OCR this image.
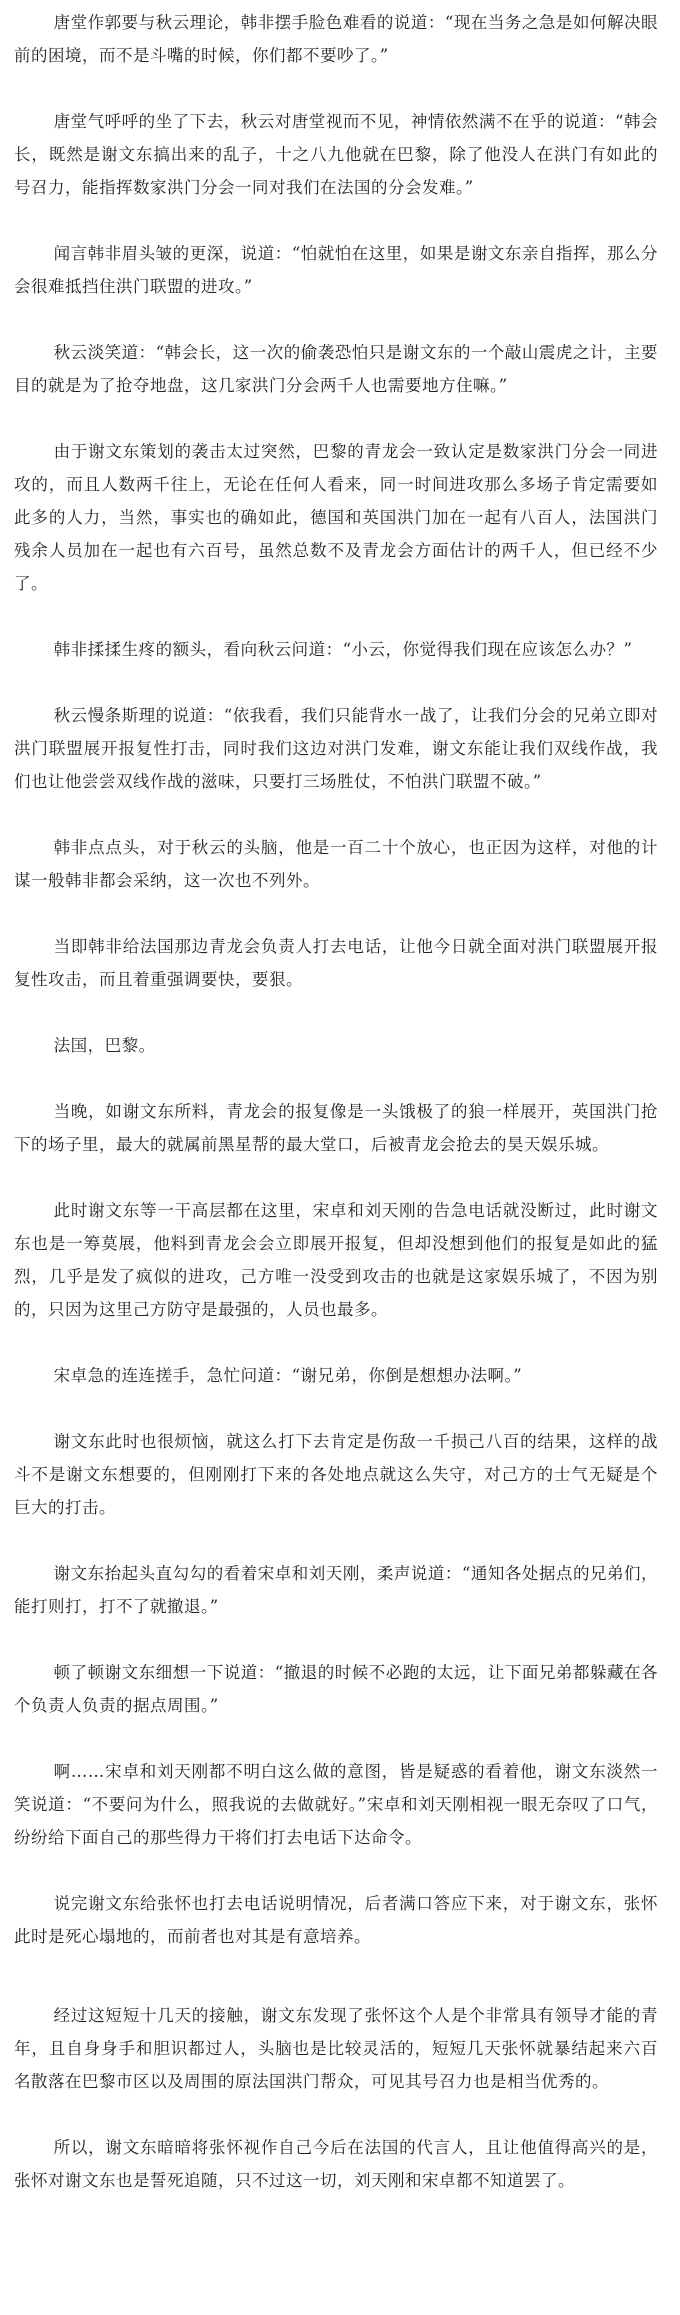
唐堂作郭要与秋云理论，韩非摆手脸色难看的说道：“现在当务之急是如何解决眼前的困境，而不是斗嘴的时候，你们都不要吵了。”

唐堂气呼呼的坐了下去，秋云对唐堂视而不见，神情依然满不在乎的说道：“韩会长，既然是谢文东搞出来的乱子，十之八九他就在巴黎，除了他没人在洪门有如此的号召力，能指挥数家洪门分会一同对我们在法国的分会发难。”

闻言韩非眉头皱的更深，说道：“怕就怕在这里，如果是谢文东亲自指挥，那么分会很难抵挡住洪门联盟的进攻。”

秋云淡笑道：“韩会长，这一次的偷袭恐怕只是谢文东的一个敲山震虎之计，主要目的就是为了抢夺地盘，这几家洪门分会两千人也需要地方住嘛。”

由于谢文东策划的袭击太过突然，巴黎的青龙会一致认定是数家洪门分会一同进攻的，而且人数两千往上，无论在任何人看来，同一时间进攻那么多场子肯定需要如此多的人力，当然，事实也的确如此，德国和英国洪门加在一起有八百人，法国洪门残余人员加在一起也有六百号，虽然总数不及青龙会方面估计的两千人，但已经不少了。

韩非揉揉生疼的额头，看向秋云问道：“小云，你觉得我们现在应该怎么办？”

秋云慢条斯理的说道：“依我看，我们只能背水一战了，让我们分会的兄弟立即对洪门联盟展开报复性打击，同时我们这边对洪门发难，谢文东能让我们双线作战，我们也让他尝尝双线作战的滋味，只要打三场胜仗，不怕洪门联盟不破。”

韩非点点头，对于秋云的头脑，他是一百二十个放心，也正因为这样，对他的计谋一般韩非都会采纳，这一次也不列外。

当即韩非给法国那边青龙会负责人打去电话，让他今日就全面对洪门联盟展开报复性攻击，而且着重强调要快，要狠。

法国，巴黎。

当晚，如谢文东所料，青龙会的报复像是一头饿极了的狼一样展开，英国洪门抢下的场子里，最大的就属前黑星帮的最大堂口，后被青龙会抢去的昊天娱乐城。

此时谢文东等一干高层都在这里，宋卓和刘天刚的告急电话就没断过，此时谢文东也是一筹莫展，他料到青龙会会立即展开报复，但却没想到他们的报复是如此的猛烈，几乎是发了疯似的进攻，己方唯一没受到攻击的也就是这家娱乐城了，不因为别的，只因为这里己方防守是最强的，人员也最多。

宋卓急的连连搓手，急忙问道：“谢兄弟，你倒是想想办法啊。”

谢文东此时也很烦恼，就这么打下去肯定是伤敌一千损己八百的结果，这样的战斗不是谢文东想要的，但刚刚打下来的各处地点就这么失守，对己方的士气无疑是个巨大的打击。

谢文东抬起头直勾勾的看着宋卓和刘天刚，柔声说道：“通知各处据点的兄弟们，能打则打，打不了就撤退。”

顿了顿谢文东细想一下说道：“撤退的时候不必跑的太远，让下面兄弟都躲藏在各个负责人负责的据点周围。”

啊……宋卓和刘天刚都不明白这么做的意图，皆是疑惑的看着他，谢文东淡然一笑说道：“不要问为什么，照我说的去做就好。”宋卓和刘天刚相视一眼无奈叹了口气，纷纷给下面自己的那些得力干将们打去电话下达命令。

说完谢文东给张怀也打去电话说明情况，后者满口答应下来，对于谢文东，张怀此时是死心塌地的，而前者也对其是有意培养。

经过这短短十几天的接触，谢文东发现了张怀这个人是个非常具有领导才能的青年，且自身身手和胆识都过人，头脑也是比较灵活的，短短几天张怀就暴结起来六百名散落在巴黎市区以及周围的原法国洪门帮众，可见其号召力也是相当优秀的。

所以，谢文东暗暗将张怀视作自己今后在法国的代言人，且让他值得高兴的是，张怀对谢文东也是誓死追随，只不过这一切，刘天刚和宋卓都不知道罢了。
